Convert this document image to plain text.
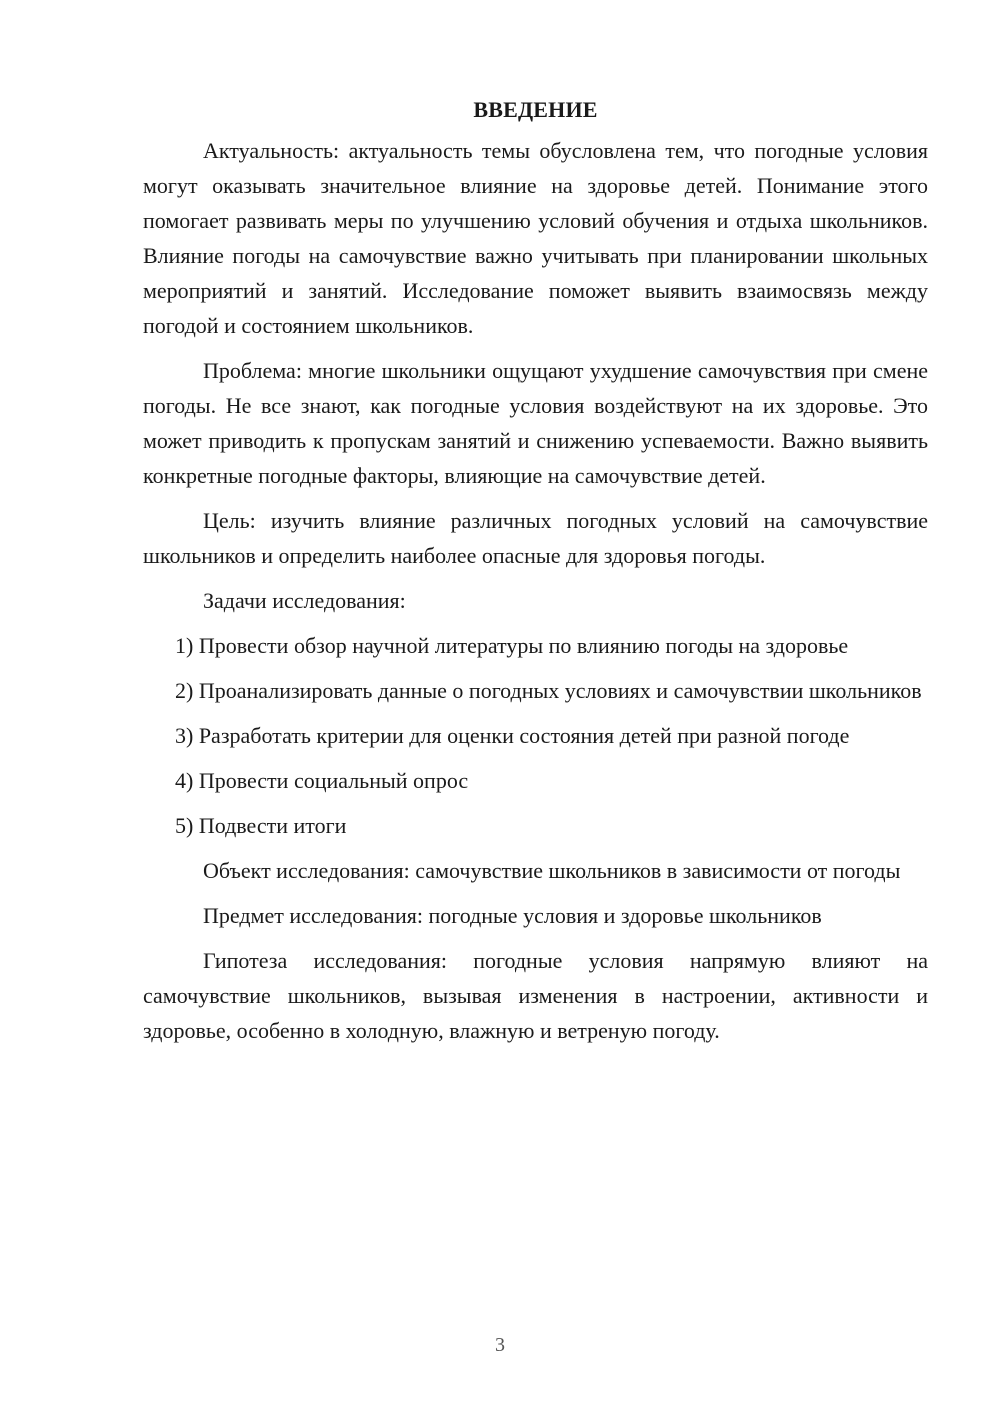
ВВЕДЕНИЕ

Актуальность: актуальность темы обусловлена тем, что погодные условия могут оказывать значительное влияние на здоровье детей. Понимание этого помогает развивать меры по улучшению условий обучения и отдыха школьников. Влияние погоды на самочувствие важно учитывать при планировании школьных мероприятий и занятий. Исследование поможет выявить взаимосвязь между погодой и состоянием школьников.

Проблема: многие школьники ощущают ухудшение самочувствия при смене погоды. Не все знают, как погодные условия воздействуют на их здоровье. Это может приводить к пропускам занятий и снижению успеваемости. Важно выявить конкретные погодные факторы, влияющие на самочувствие детей.

Цель: изучить влияние различных погодных условий на самочувствие школьников и определить наиболее опасные для здоровья погоды.

Задачи исследования:

1) Провести обзор научной литературы по влиянию погоды на здоровье

2) Проанализировать данные о погодных условиях и самочувствии школьников

3) Разработать критерии для оценки состояния детей при разной погоде

4) Провести социальный опрос

5) Подвести итоги

Объект исследования: самочувствие школьников в зависимости от погоды

Предмет исследования: погодные условия и здоровье школьников

Гипотеза исследования: погодные условия напрямую влияют на самочувствие школьников, вызывая изменения в настроении, активности и здоровье, особенно в холодную, влажную и ветреную погоду.

3
